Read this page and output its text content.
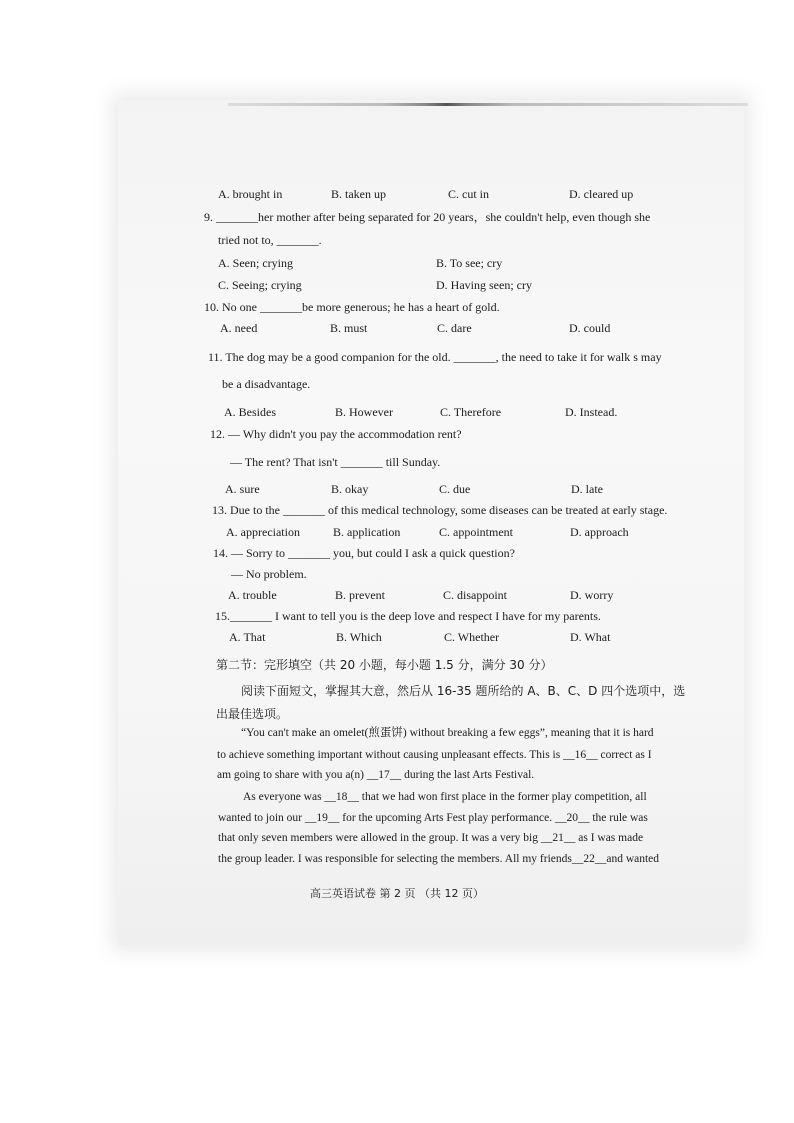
A. brought in	B. taken up	C. cut in	D. cleared up
9. _______her mother after being separated for 20 years，she couldn't help, even though she
tried not to, _______.
A. Seen; crying	B. To see; cry
C. Seeing; crying	D. Having seen; cry
10. No one _______be more generous; he has a heart of gold.
A. need	B. must	C. dare	D. could
11. The dog may be a good companion for the old. _______, the need to take it for walk s may
be a disadvantage.
A. Besides	B. However	C. Therefore	D. Instead.
12. — Why didn't you pay the accommodation rent?
— The rent? That isn't _______ till Sunday.
A. sure	B. okay	C. due	D. late
13. Due to the _______ of this medical technology, some diseases can be treated at early stage.
A. appreciation	B. application	C. appointment	D. approach
14. — Sorry to _______ you, but could I ask a quick question?
— No problem.
A. trouble	B. prevent	C. disappoint	D. worry
15._______ I want to tell you is the deep love and respect I have for my parents.
A. That	B. Which	C. Whether	D. What
第二节：完形填空（共 20 小题，每小题 1.5 分，满分 30 分）
阅读下面短文，掌握其大意，然后从 16-35 题所给的 A、B、C、D 四个选项中，选
出最佳选项。
“You can't make an omelet(煎蛋饼) without breaking a few eggs”, meaning that it is hard
to achieve something important without causing unpleasant effects. This is __16__ correct as I
am going to share with you a(n) __17__ during the last Arts Festival.
As everyone was __18__ that we had won first place in the former play competition, all
wanted to join our __19__ for the upcoming Arts Fest play performance. __20__ the rule was
that only seven members were allowed in the group. It was a very big __21__ as I was made
the group leader. I was responsible for selecting the members. All my friends__22__and wanted
高三英语试卷 第 2 页 （共 12 页）
